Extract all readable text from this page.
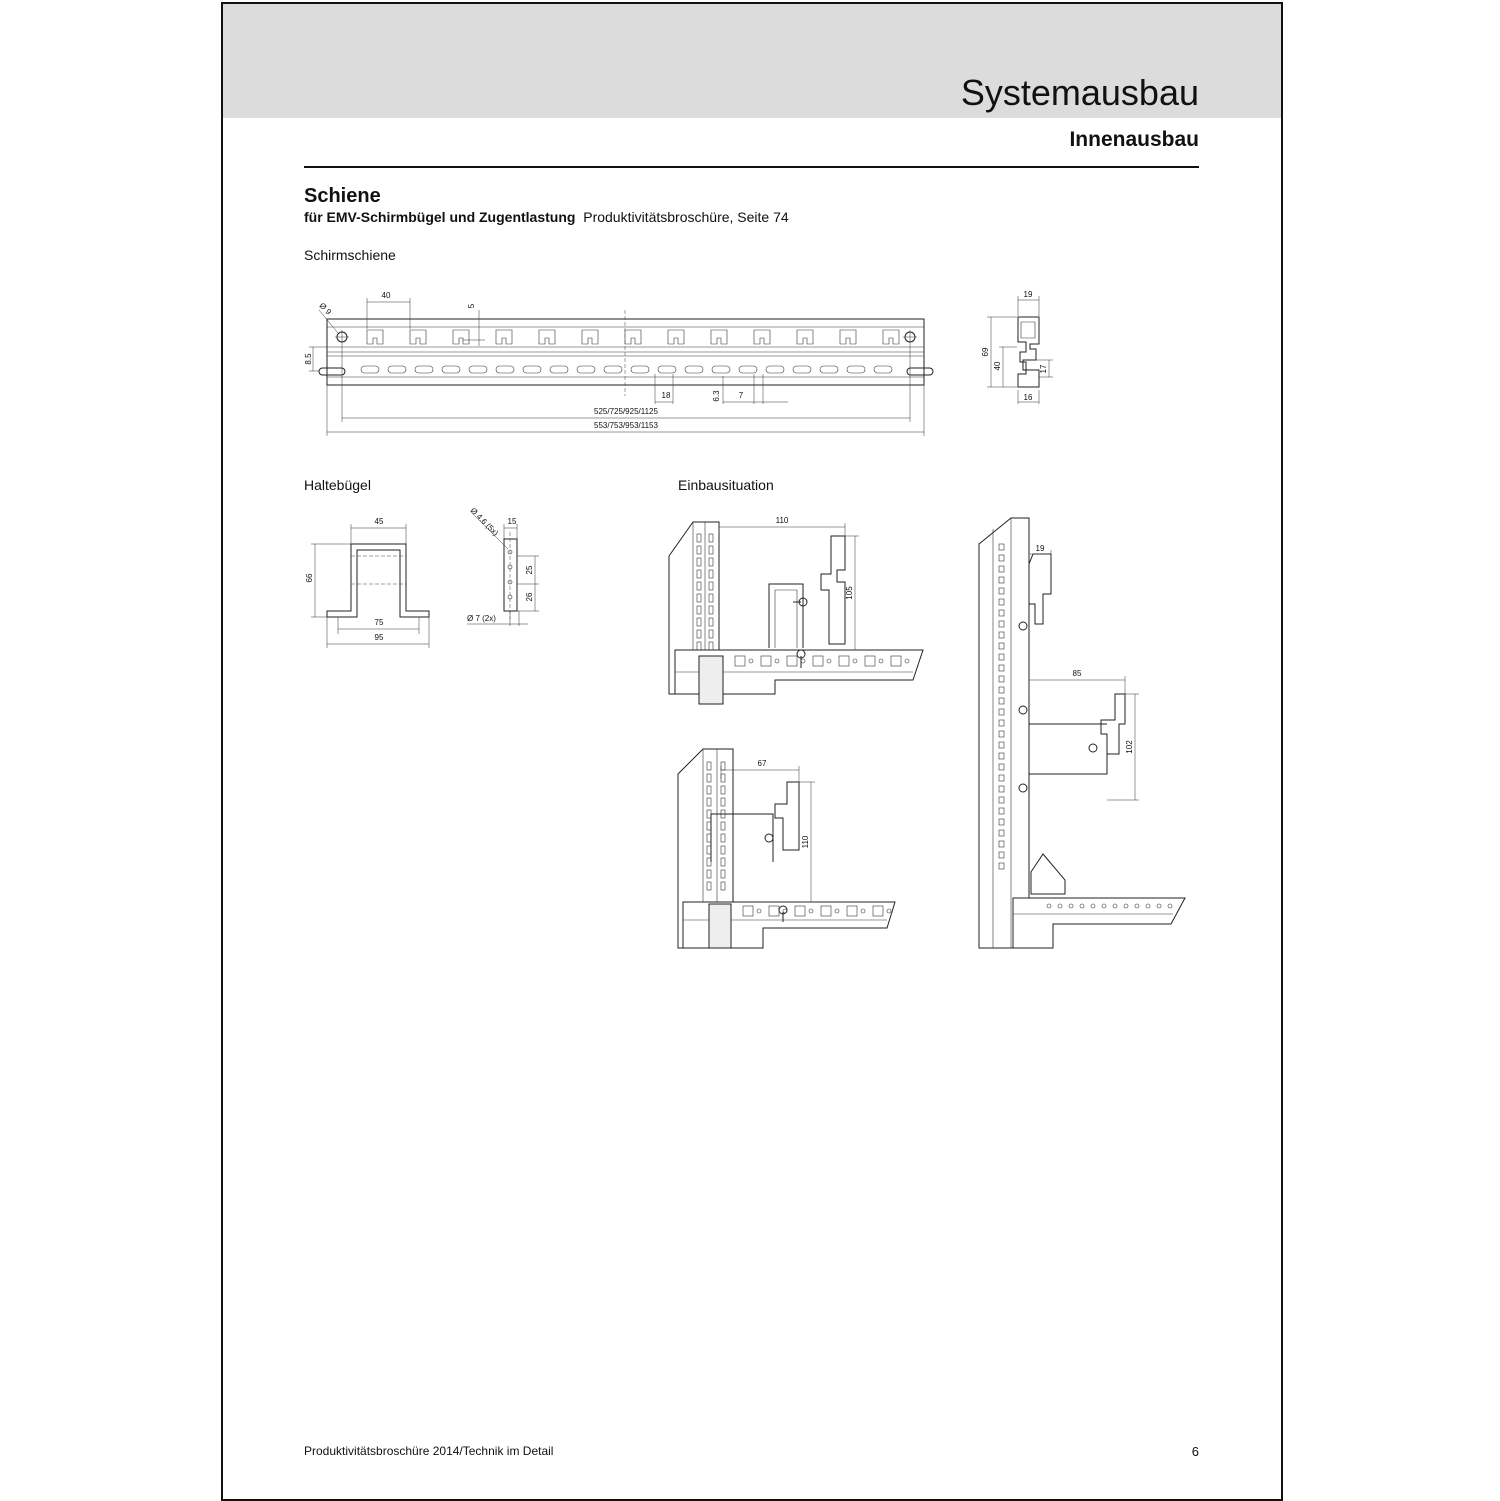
Systemausbau
Innenausbau
Schiene
für EMV-Schirmbügel und Zugentlastung Produktivitätsbroschüre, Seite 74
Schirmschiene
Haltebügel	Einbausituation
40
5
Ø 9
8.5
18	6.3 7
525/725/925/1125
553/753/953/1153
19
69
40	17
16
45
66
75
95
Ø 4.6 (5x) 15
25
26
Ø 7 (2x)
110
105
67
110
19
85
102
Produktivitätsbroschüre 2014/Technik im Detail	6
